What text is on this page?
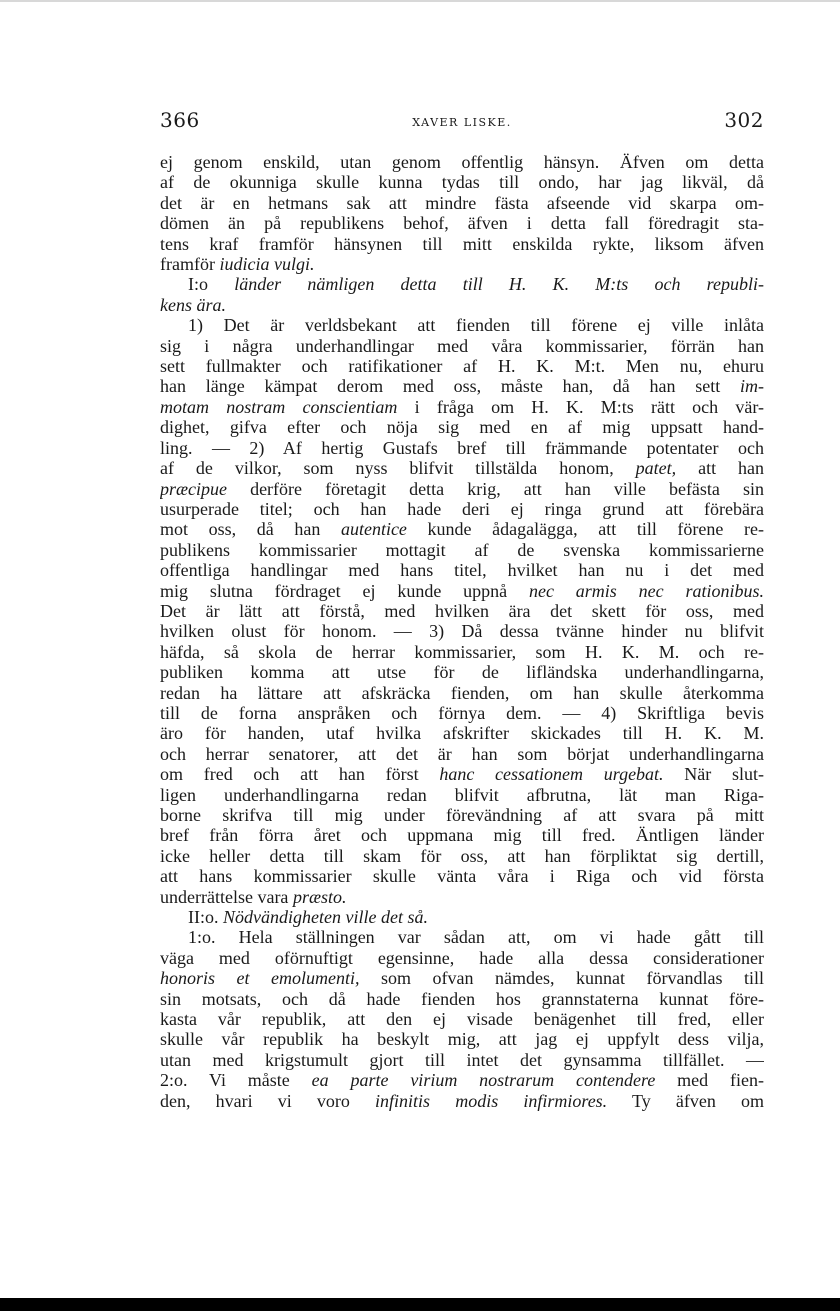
366	XAVER LISKE.	302
ej genom enskild, utan genom offentlig hänsyn. Äfven om detta
af de okunniga skulle kunna tydas till ondo, har jag likväl, då
det är en hetmans sak att mindre fästa afseende vid skarpa om-
dömen än på republikens behof, äfven i detta fall föredragit sta-
tens kraf framför hänsynen till mitt enskilda rykte, liksom äfven
framför iudicia vulgi.
I:o länder nämligen detta till H. K. M:ts och republi-
kens ära.
1) Det är verldsbekant att fienden till förene ej ville inlåta
sig i några underhandlingar med våra kommissarier, förrän han
sett fullmakter och ratifikationer af H. K. M:t. Men nu, ehuru
han länge kämpat derom med oss, måste han, då han sett im-
motam nostram conscientiam i fråga om H. K. M:ts rätt och vär-
dighet, gifva efter och nöja sig med en af mig uppsatt hand-
ling. — 2) Af hertig Gustafs bref till främmande potentater och
af de vilkor, som nyss blifvit tillstälda honom, patet, att han
præcipue derföre företagit detta krig, att han ville befästa sin
usurperade titel; och han hade deri ej ringa grund att förebära
mot oss, då han autentice kunde ådagalägga, att till förene re-
publikens kommissarier mottagit af de svenska kommissarierne
offentliga handlingar med hans titel, hvilket han nu i det med
mig slutna fördraget ej kunde uppnå nec armis nec rationibus.
Det är lätt att förstå, med hvilken ära det skett för oss, med
hvilken olust för honom. — 3) Då dessa tvänne hinder nu blifvit
häfda, så skola de herrar kommissarier, som H. K. M. och re-
publiken komma att utse för de lifländska underhandlingarna,
redan ha lättare att afskräcka fienden, om han skulle återkomma
till de forna anspråken och förnya dem. — 4) Skriftliga bevis
äro för handen, utaf hvilka afskrifter skickades till H. K. M.
och herrar senatorer, att det är han som börjat underhandlingarna
om fred och att han först hanc cessationem urgebat. När slut-
ligen underhandlingarna redan blifvit afbrutna, lät man Riga-
borne skrifva till mig under förevändning af att svara på mitt
bref från förra året och uppmana mig till fred. Äntligen länder
icke heller detta till skam för oss, att han förpliktat sig dertill,
att hans kommissarier skulle vänta våra i Riga och vid första
underrättelse vara præsto.
II:o. Nödvändigheten ville det så.
1:o. Hela ställningen var sådan att, om vi hade gått till
väga med oförnuftigt egensinne, hade alla dessa considerationer
honoris et emolumenti, som ofvan nämdes, kunnat förvandlas till
sin motsats, och då hade fienden hos grannstaterna kunnat före-
kasta vår republik, att den ej visade benägenhet till fred, eller
skulle vår republik ha beskylt mig, att jag ej uppfylt dess vilja,
utan med krigstumult gjort till intet det gynsamma tillfället. —
2:o. Vi måste ea parte virium nostrarum contendere med fien-
den, hvari vi voro infinitis modis infirmiores. Ty äfven om
